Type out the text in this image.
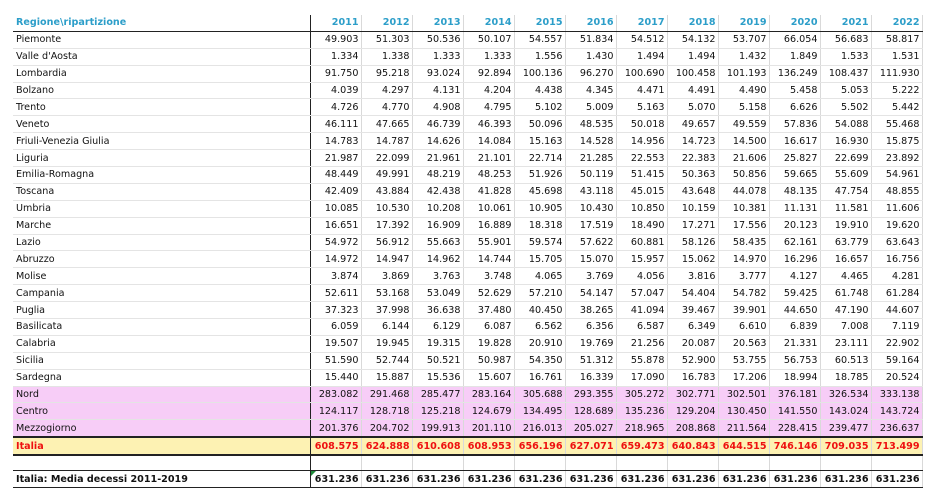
Regione\ripartizione	2011	2012	2013	2014	2015	2016	2017	2018	2019	2020	2021	2022
Piemonte	49.903	51.303	50.536	50.107	54.557	51.834	54.512	54.132	53.707	66.054	56.683	58.817
Valle d'Aosta	1.334	1.338	1.333	1.333	1.556	1.430	1.494	1.494	1.432	1.849	1.533	1.531
Lombardia	91.750	95.218	93.024	92.894	100.136	96.270	100.690	100.458	101.193	136.249	108.437	111.930
Bolzano	4.039	4.297	4.131	4.204	4.438	4.345	4.471	4.491	4.490	5.458	5.053	5.222
Trento	4.726	4.770	4.908	4.795	5.102	5.009	5.163	5.070	5.158	6.626	5.502	5.442
Veneto	46.111	47.665	46.739	46.393	50.096	48.535	50.018	49.657	49.559	57.836	54.088	55.468
Friuli-Venezia Giulia	14.783	14.787	14.626	14.084	15.163	14.528	14.956	14.723	14.500	16.617	16.930	15.875
Liguria	21.987	22.099	21.961	21.101	22.714	21.285	22.553	22.383	21.606	25.827	22.699	23.892
Emilia-Romagna	48.449	49.991	48.219	48.253	51.926	50.119	51.415	50.363	50.856	59.665	55.609	54.961
Toscana	42.409	43.884	42.438	41.828	45.698	43.118	45.015	43.648	44.078	48.135	47.754	48.855
Umbria	10.085	10.530	10.208	10.061	10.905	10.430	10.850	10.159	10.381	11.131	11.581	11.606
Marche	16.651	17.392	16.909	16.889	18.318	17.519	18.490	17.271	17.556	20.123	19.910	19.620
Lazio	54.972	56.912	55.663	55.901	59.574	57.622	60.881	58.126	58.435	62.161	63.779	63.643
Abruzzo	14.972	14.947	14.962	14.744	15.705	15.070	15.957	15.062	14.970	16.296	16.657	16.756
Molise	3.874	3.869	3.763	3.748	4.065	3.769	4.056	3.816	3.777	4.127	4.465	4.281
Campania	52.611	53.168	53.049	52.629	57.210	54.147	57.047	54.404	54.782	59.425	61.748	61.284
Puglia	37.323	37.998	36.638	37.480	40.450	38.265	41.094	39.467	39.901	44.650	47.190	44.607
Basilicata	6.059	6.144	6.129	6.087	6.562	6.356	6.587	6.349	6.610	6.839	7.008	7.119
Calabria	19.507	19.945	19.315	19.828	20.910	19.769	21.256	20.087	20.563	21.331	23.111	22.902
Sicilia	51.590	52.744	50.521	50.987	54.350	51.312	55.878	52.900	53.755	56.753	60.513	59.164
Sardegna	15.440	15.887	15.536	15.607	16.761	16.339	17.090	16.783	17.206	18.994	18.785	20.524
Nord	283.082	291.468	285.477	283.164	305.688	293.355	305.272	302.771	302.501	376.181	326.534	333.138
Centro	124.117	128.718	125.218	124.679	134.495	128.689	135.236	129.204	130.450	141.550	143.024	143.724
Mezzogiorno	201.376	204.702	199.913	201.110	216.013	205.027	218.965	208.868	211.564	228.415	239.477	236.637
Italia	608.575	624.888	610.608	608.953	656.196	627.071	659.473	640.843	644.515	746.146	709.035	713.499

Italia: Media decessi 2011-2019	631.236	631.236	631.236	631.236	631.236	631.236	631.236	631.236	631.236	631.236	631.236	631.236
